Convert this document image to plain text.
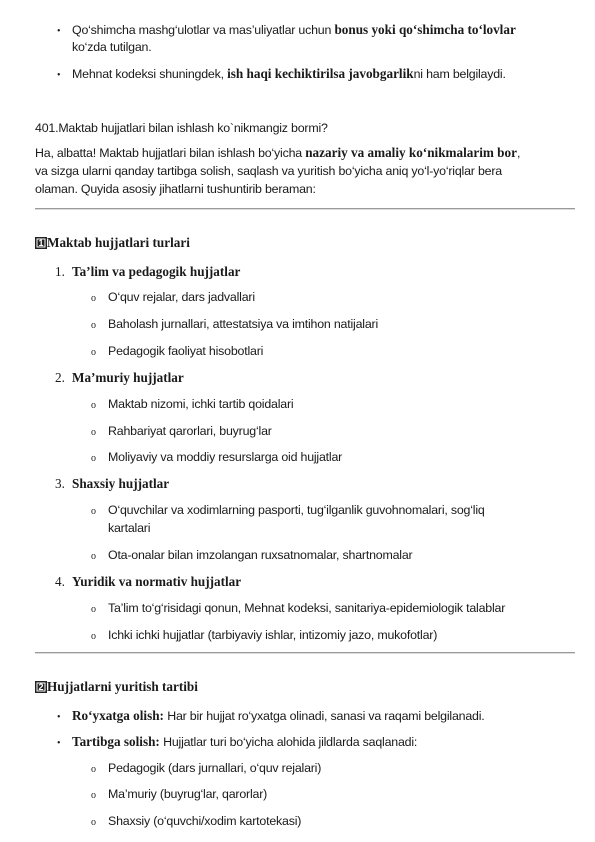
• Qo‘shimcha mashg‘ulotlar va mas’uliyatlar uchun bonus yoki qo‘shimcha to‘lovlar
ko‘zda tutilgan.
• Mehnat kodeksi shuningdek, ish haqi kechiktirilsa javobgarlikni ham belgilaydi.
401.Maktab hujjatlari bilan ishlash ko`nikmangiz bormi?
Ha, albatta! Maktab hujjatlari bilan ishlash bo‘yicha nazariy va amaliy ko‘nikmalarim bor,
va sizga ularni qanday tartibga solish, saqlash va yuritish bo‘yicha aniq yo‘l-yo‘riqlar bera
olaman. Quyida asosiy jihatlarni tushuntirib beraman:
1 Maktab hujjatlari turlari
1. Ta’lim va pedagogik hujjatlar
o O‘quv rejalar, dars jadvallari
o Baholash jurnallari, attestatsiya va imtihon natijalari
o Pedagogik faoliyat hisobotlari
2. Ma’muriy hujjatlar
o Maktab nizomi, ichki tartib qoidalari
o Rahbariyat qarorlari, buyrug‘lar
o Moliyaviy va moddiy resurslarga oid hujjatlar
3. Shaxsiy hujjatlar
o O‘quvchilar va xodimlarning pasporti, tug‘ilganlik guvohnomalari, sog‘liq
kartalari
o Ota-onalar bilan imzolangan ruxsatnomalar, shartnomalar
4. Yuridik va normativ hujjatlar
o Ta’lim to‘g‘risidagi qonun, Mehnat kodeksi, sanitariya-epidemiologik talablar
o Ichki ichki hujjatlar (tarbiyaviy ishlar, intizomiy jazo, mukofotlar)
2 Hujjatlarni yuritish tartibi
• Ro‘yxatga olish: Har bir hujjat ro‘yxatga olinadi, sanasi va raqami belgilanadi.
• Tartibga solish: Hujjatlar turi bo‘yicha alohida jildlarda saqlanadi:
o Pedagogik (dars jurnallari, o‘quv rejalari)
o Ma’muriy (buyrug‘lar, qarorlar)
o Shaxsiy (o‘quvchi/xodim kartotekasi)
